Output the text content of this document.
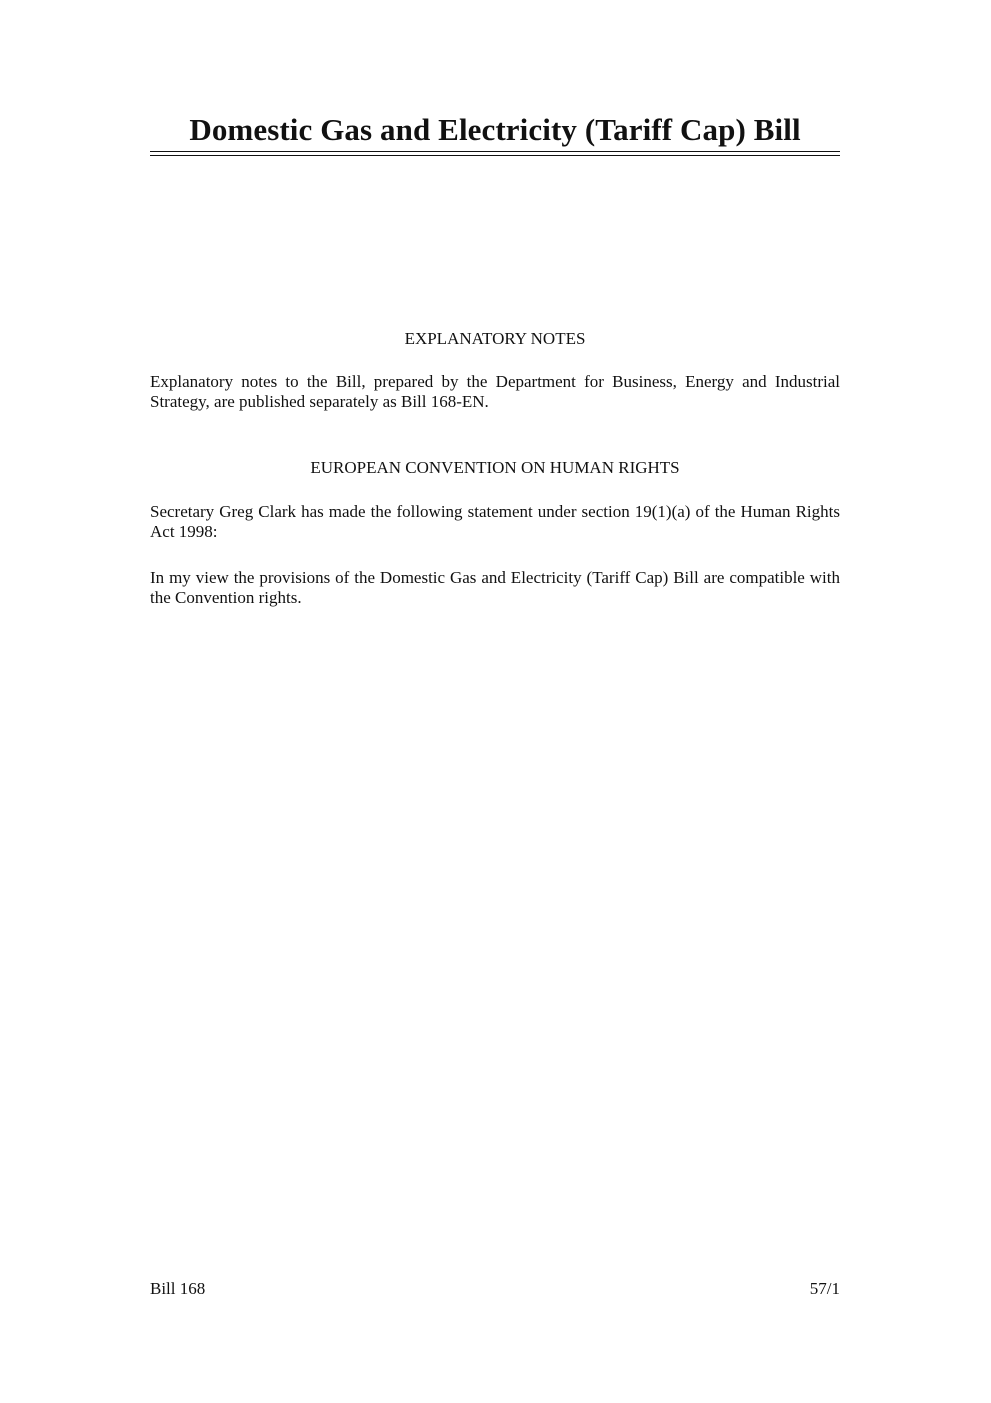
Domestic Gas and Electricity (Tariff Cap) Bill
EXPLANATORY NOTES

Explanatory notes to the Bill, prepared by the Department for Business, Energy and Industrial Strategy, are published separately as Bill 168-EN.

EUROPEAN CONVENTION ON HUMAN RIGHTS

Secretary Greg Clark has made the following statement under section 19(1)(a) of the Human Rights Act 1998:

In my view the provisions of the Domestic Gas and Electricity (Tariff Cap) Bill are compatible with the Convention rights.

Bill 168	57/1
